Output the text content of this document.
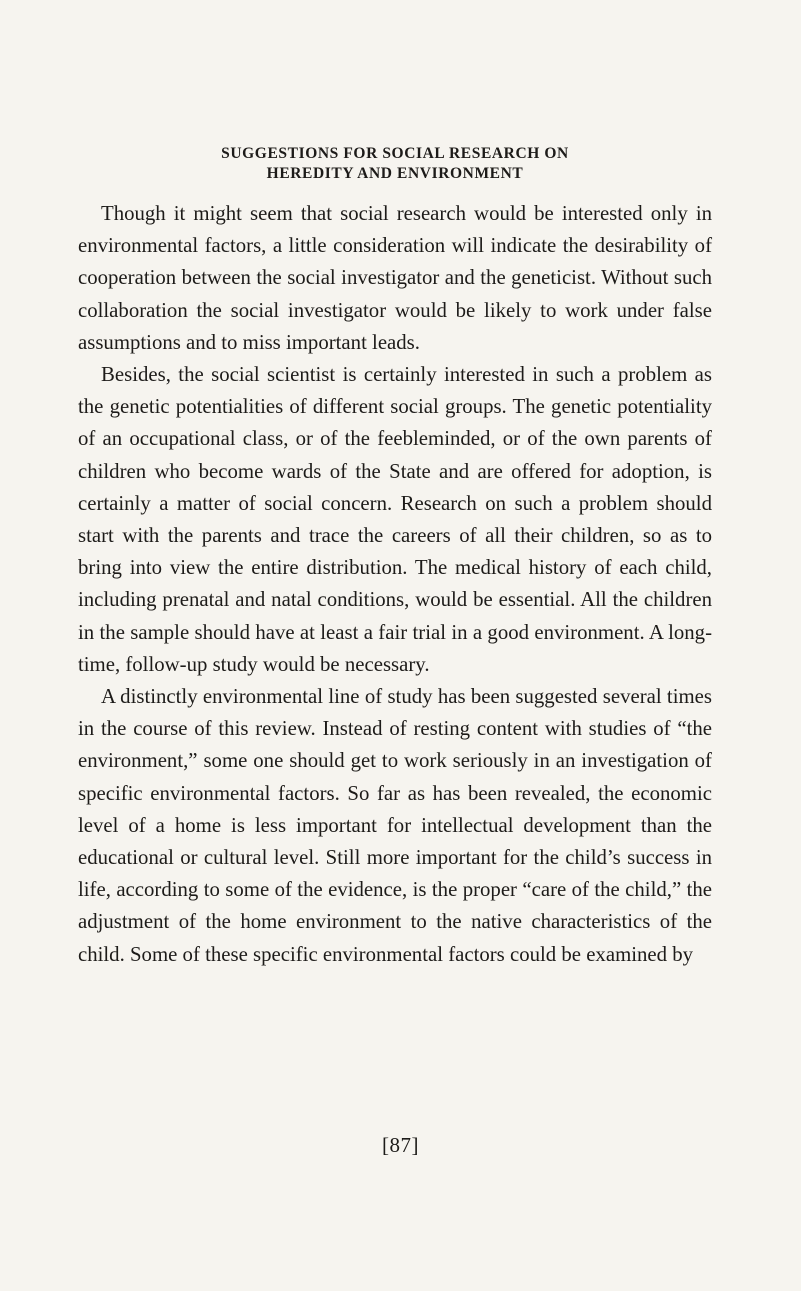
SUGGESTIONS FOR SOCIAL RESEARCH ON
HEREDITY AND ENVIRONMENT

Though it might seem that social research would be interested only in environmental factors, a little consideration will indicate the desirability of cooperation between the social investigator and the geneticist. Without such collaboration the social investigator would be likely to work under false assumptions and to miss important leads.

Besides, the social scientist is certainly interested in such a problem as the genetic potentialities of different social groups. The genetic potentiality of an occupational class, or of the feebleminded, or of the own parents of children who become wards of the State and are offered for adoption, is certainly a matter of social concern. Research on such a problem should start with the parents and trace the careers of all their children, so as to bring into view the entire distribution. The medical history of each child, including prenatal and natal conditions, would be essential. All the children in the sample should have at least a fair trial in a good environment. A long-time, follow-up study would be necessary.

A distinctly environmental line of study has been suggested several times in the course of this review. Instead of resting content with studies of “the environment,” some one should get to work seriously in an investigation of specific environmental factors. So far as has been revealed, the economic level of a home is less important for intellectual development than the educational or cultural level. Still more important for the child’s success in life, according to some of the evidence, is the proper “care of the child,” the adjustment of the home environment to the native characteristics of the child. Some of these specific environmental factors could be examined by

[87]
